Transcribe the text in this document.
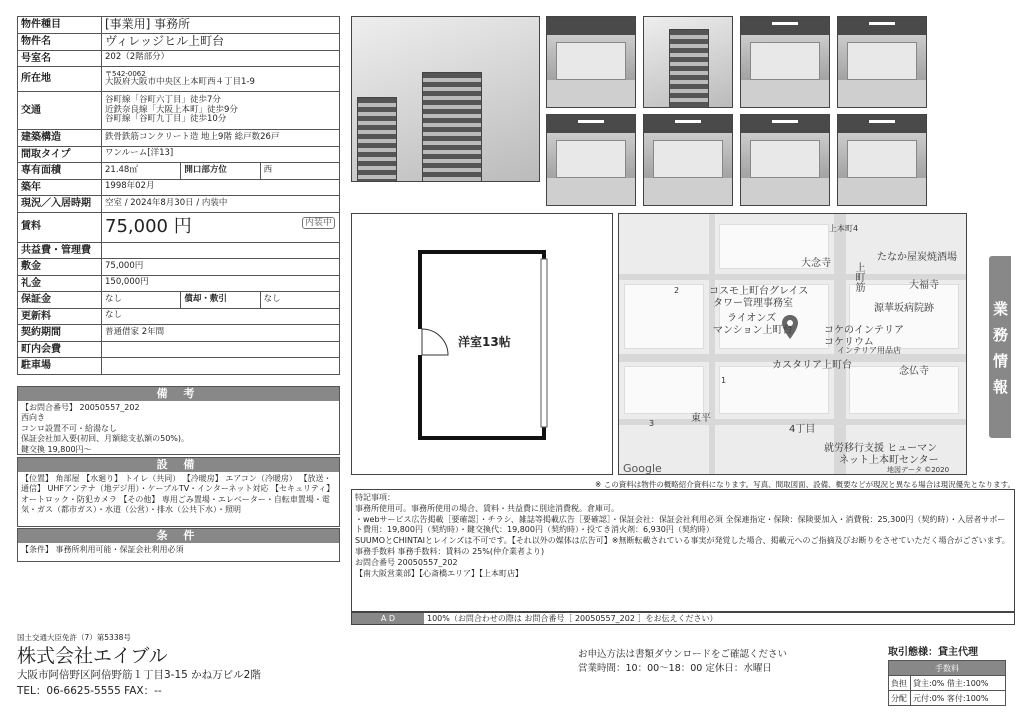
物件種目	[事業用] 事務所		
物件名	ヴィレッジヒル上町台		
号室名	202（2階部分）		
所在地	〒542-0062
大阪府大阪市中央区上本町西４丁目1-9		

交通	谷町線「谷町六丁目」徒歩7分
近鉄奈良線「大阪上本町」徒歩9分
谷町線「谷町九丁目」徒歩10分		

建築構造	鉄骨鉄筋コンクリート造 地上9階 総戸数26戸		
間取タイプ	ワンルーム[洋13]		
専有面積	21.48㎡	開口部方位	西
築年	1998年02月		
現況／入居時期	空室 / 2024年8月30日 / 内装中		
賃料	75,000 円 内装中		

共益費・管理費			
敷金	75,000円		
礼金	150,000円		
保証金	なし	償却・敷引	なし
更新料	なし		
契約期間	普通借家 2年間		
町内会費			
駐車場			
備 考
【お問合番号】 20050557_202
西向き
コンロ設置不可・給湯なし
保証会社加入要(初回、月額総支払額の50%)。
鍵交換 19,800円〜
設 備
【位置】 角部屋 【水廻り】 トイレ（共同） 【冷暖房】 エアコン（冷暖房） 【放送・通信】 UHFアンテナ（地デジ用）・ケーブルTV・インターネット対応 【セキュリティ】 オートロック・防犯カメラ 【その他】 専用ごみ置場・エレベーター・自転車置場・電気・ガス（都市ガス）・水道（公営）・排水（公共下水）・照明
条 件
【条件】 事務所利用可能・保証会社利用必須
洋室13帖
上本町4
たなか屋炭焼酒場
大念寺
大福寺
源華坂病院跡
コスモ上町台グレイス
タワー管理事務室
ライオンズ
マンション上町台	コケのインテリア
コケリウム
インテリア用品店
カスタリア上町台
念仏寺
東平
4丁目
就労移行支援 ヒューマン
ネット上本町センター
上町筋
2
1
3
Google	地図データ ©2020
業務情報
※ この資料は物件の概略紹介資料になります。写真、間取図面、設備、概要などが現況と異なる場合は現況優先となります。
特記事項：
事務所使用可。事務所使用の場合、賃料・共益費に別途消費税。倉庫可。
・webサービス広告掲載［要確認］・チラシ、雑誌等掲載広告［要確認］・保証会社：保証会社利用必須 全保連指定・保険：保険要加入・消費税：25,300円（契約時）・入居者サポート費用：19,800円（契約時）・鍵交換代：19,800円（契約時）・投てき消火剤：6,930円（契約時）
SUUMOとCHINTAIとレインズは不可です。【それ以外の媒体は広告可】※無断転載されている事実が発覚した場合、掲載元へのご指摘及びお断りをさせていただく場合がございます。
事務手数料 事務手数料：賃料の 25%(仲介業者より)
お問合番号 20050557_202
【南大阪営業部】【心斎橋エリア】【上本町店】
A D	100%（お問合わせの際は お問合番号［ 20050557_202 ］をお伝えください）
国土交通大臣免許（7）第5338号
株式会社エイブル
大阪市阿倍野区阿倍野筋１丁目3-15 かね万ビル2階
TEL：06-6625-5555 FAX：--
お申込方法は書類ダウンロードをご確認ください
営業時間：10：00〜18：00 定休日：水曜日
取引態様：貸主代理
手数料	
負担	貸主:0% 借主:100%
分配	元付:0% 客付:100%
